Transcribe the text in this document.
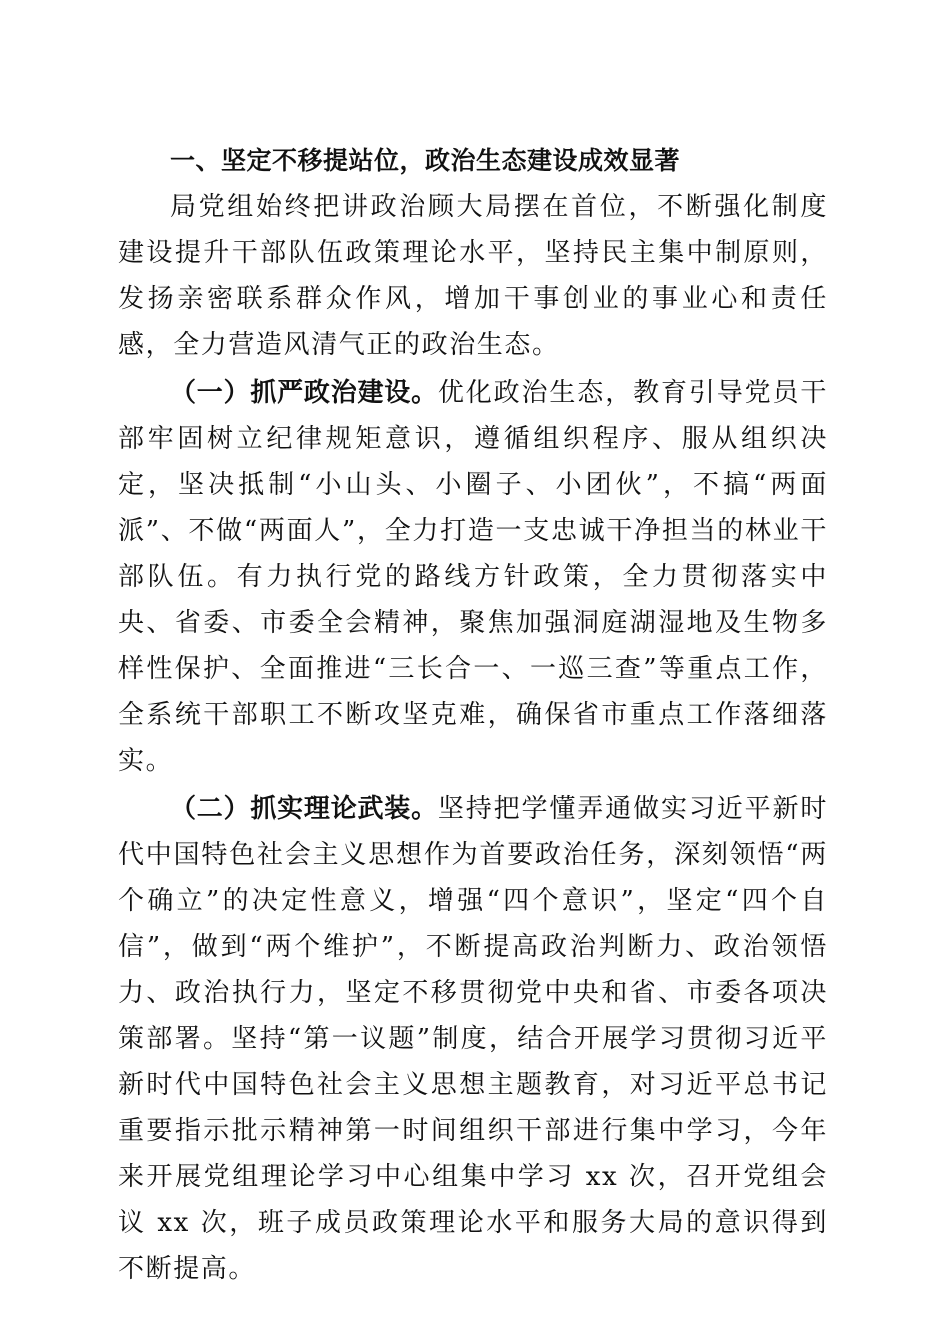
一、坚定不移提站位，政治生态建设成效显著

局党组始终把讲政治顾大局摆在首位，不断强化制度建设提升干部队伍政策理论水平，坚持民主集中制原则，发扬亲密联系群众作风，增加干事创业的事业心和责任感，全力营造风清气正的政治生态。

（一）抓严政治建设。优化政治生态，教育引导党员干部牢固树立纪律规矩意识，遵循组织程序、服从组织决定，坚决抵制“小山头、小圈子、小团伙”，不搞“两面派”、不做“两面人”，全力打造一支忠诚干净担当的林业干部队伍。有力执行党的路线方针政策，全力贯彻落实中央、省委、市委全会精神，聚焦加强洞庭湖湿地及生物多样性保护、全面推进“三长合一、一巡三查”等重点工作，全系统干部职工不断攻坚克难，确保省市重点工作落细落实。

（二）抓实理论武装。坚持把学懂弄通做实习近平新时代中国特色社会主义思想作为首要政治任务，深刻领悟“两个确立”的决定性意义，增强“四个意识”，坚定“四个自信”，做到“两个维护”，不断提高政治判断力、政治领悟力、政治执行力，坚定不移贯彻党中央和省、市委各项决策部署。坚持“第一议题”制度，结合开展学习贯彻习近平新时代中国特色社会主义思想主题教育，对习近平总书记重要指示批示精神第一时间组织干部进行集中学习，今年来开展党组理论学习中心组集中学习 xx 次，召开党组会议 xx 次，班子成员政策理论水平和服务大局的意识得到不断提高。
